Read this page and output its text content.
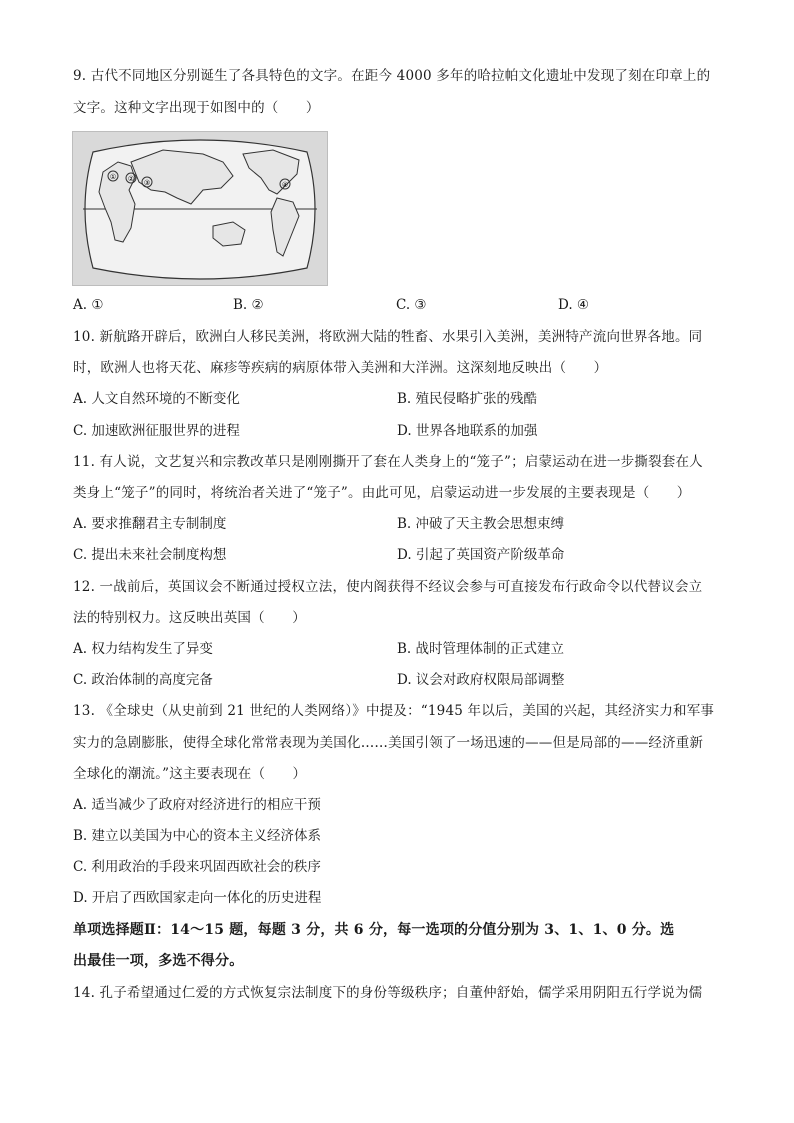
9. 古代不同地区分别诞生了各具特色的文字。在距今 4000 多年的哈拉帕文化遗址中发现了刻在印章上的
文字。这种文字出现于如图中的（　　）
① ② ③	④
A. ①	B. ②	C. ③	D. ④
10. 新航路开辟后，欧洲白人移民美洲，将欧洲大陆的牲畜、水果引入美洲，美洲特产流向世界各地。同
时，欧洲人也将天花、麻疹等疾病的病原体带入美洲和大洋洲。这深刻地反映出（　　）
A. 人文自然环境的不断变化	B. 殖民侵略扩张的残酷
C. 加速欧洲征服世界的进程	D. 世界各地联系的加强
11. 有人说，文艺复兴和宗教改革只是刚刚撕开了套在人类身上的“笼子”；启蒙运动在进一步撕裂套在人
类身上“笼子”的同时，将统治者关进了“笼子”。由此可见，启蒙运动进一步发展的主要表现是（　　）
A. 要求推翻君主专制制度	B. 冲破了天主教会思想束缚
C. 提出未来社会制度构想	D. 引起了英国资产阶级革命
12. 一战前后，英国议会不断通过授权立法，使内阁获得不经议会参与可直接发布行政命令以代替议会立
法的特别权力。这反映出英国（　　）
A. 权力结构发生了异变	B. 战时管理体制的正式建立
C. 政治体制的高度完备	D. 议会对政府权限局部调整
13. 《全球史（从史前到 21 世纪的人类网络）》中提及：“1945 年以后，美国的兴起，其经济实力和军事
实力的急剧膨胀，使得全球化常常表现为美国化……美国引领了一场迅速的——但是局部的——经济重新
全球化的潮流。”这主要表现在（　　）
A. 适当减少了政府对经济进行的相应干预
B. 建立以美国为中心的资本主义经济体系
C. 利用政治的手段来巩固西欧社会的秩序
D. 开启了西欧国家走向一体化的历史进程
单项选择题Ⅱ：14～15 题，每题 3 分，共 6 分，每一选项的分值分别为 3、1、1、0 分。选
出最佳一项，多选不得分。
14. 孔子希望通过仁爱的方式恢复宗法制度下的身份等级秩序；自董仲舒始，儒学采用阴阳五行学说为儒
